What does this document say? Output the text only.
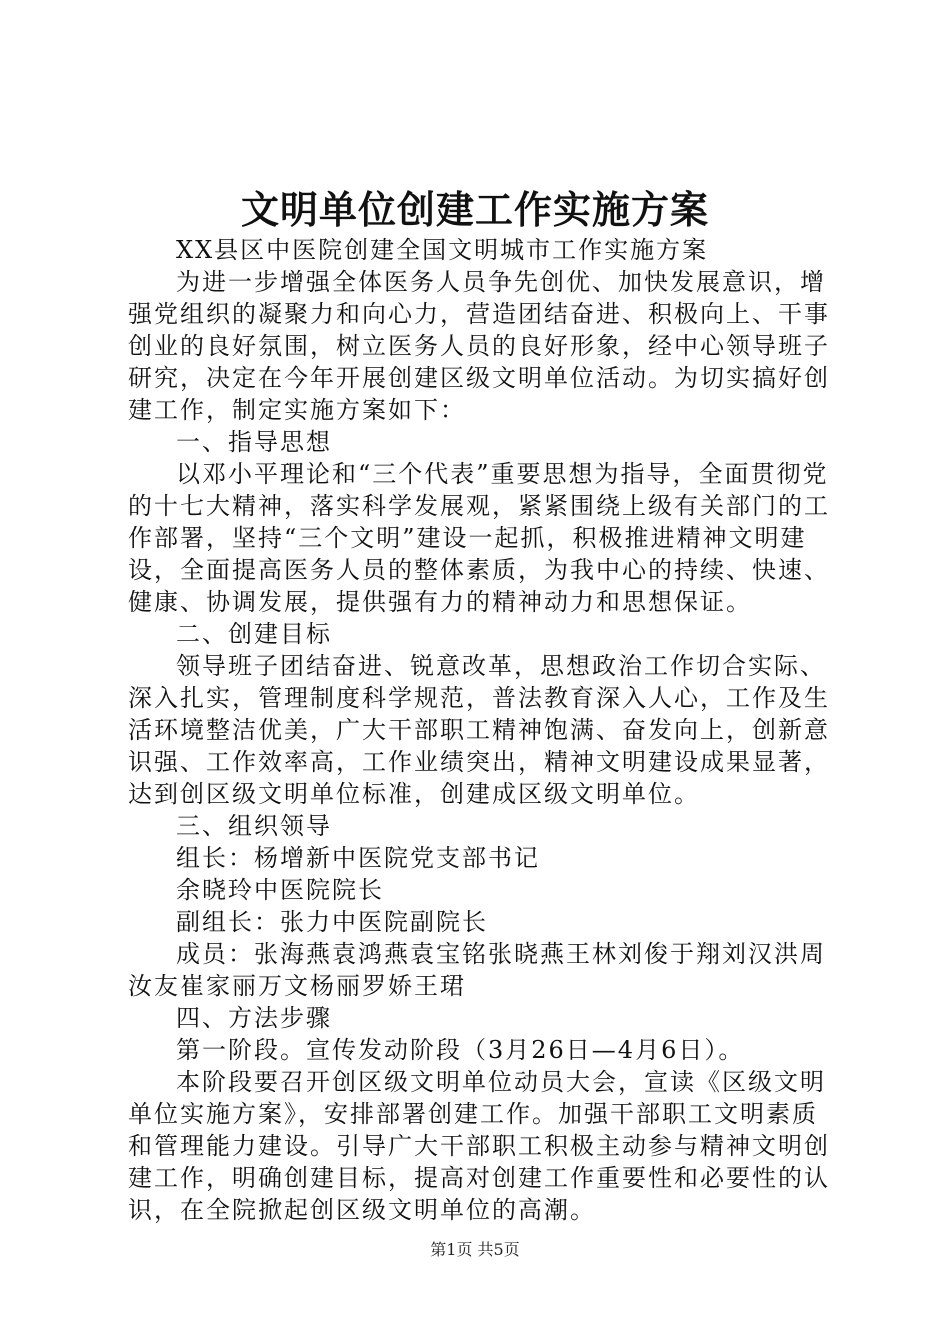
文明单位创建工作实施方案

XX县区中医院创建全国文明城市工作实施方案

为进一步增强全体医务人员争先创优、加快发展意识，增强党组织的凝聚力和向心力，营造团结奋进、积极向上、干事创业的良好氛围，树立医务人员的良好形象，经中心领导班子研究，决定在今年开展创建区级文明单位活动。为切实搞好创建工作，制定实施方案如下：

一、指导思想

以邓小平理论和“三个代表”重要思想为指导，全面贯彻党的十七大精神，落实科学发展观，紧紧围绕上级有关部门的工作部署，坚持“三个文明”建设一起抓，积极推进精神文明建设，全面提高医务人员的整体素质，为我中心的持续、快速、健康、协调发展，提供强有力的精神动力和思想保证。

二、创建目标

领导班子团结奋进、锐意改革，思想政治工作切合实际、深入扎实，管理制度科学规范，普法教育深入人心，工作及生活环境整洁优美，广大干部职工精神饱满、奋发向上，创新意识强、工作效率高，工作业绩突出，精神文明建设成果显著，达到创区级文明单位标准，创建成区级文明单位。

三、组织领导

组长：杨增新中医院党支部书记

余晓玲中医院院长

副组长：张力中医院副院长

成员：张海燕袁鸿燕袁宝铭张晓燕王林刘俊于翔刘汉洪周汝友崔家丽万文杨丽罗娇王珺

四、方法步骤

第一阶段。宣传发动阶段（3月26日—4月6日）。

本阶段要召开创区级文明单位动员大会，宣读《区级文明单位实施方案》，安排部署创建工作。加强干部职工文明素质和管理能力建设。引导广大干部职工积极主动参与精神文明创建工作，明确创建目标，提高对创建工作重要性和必要性的认识，在全院掀起创区级文明单位的高潮。

第1页 共5页
